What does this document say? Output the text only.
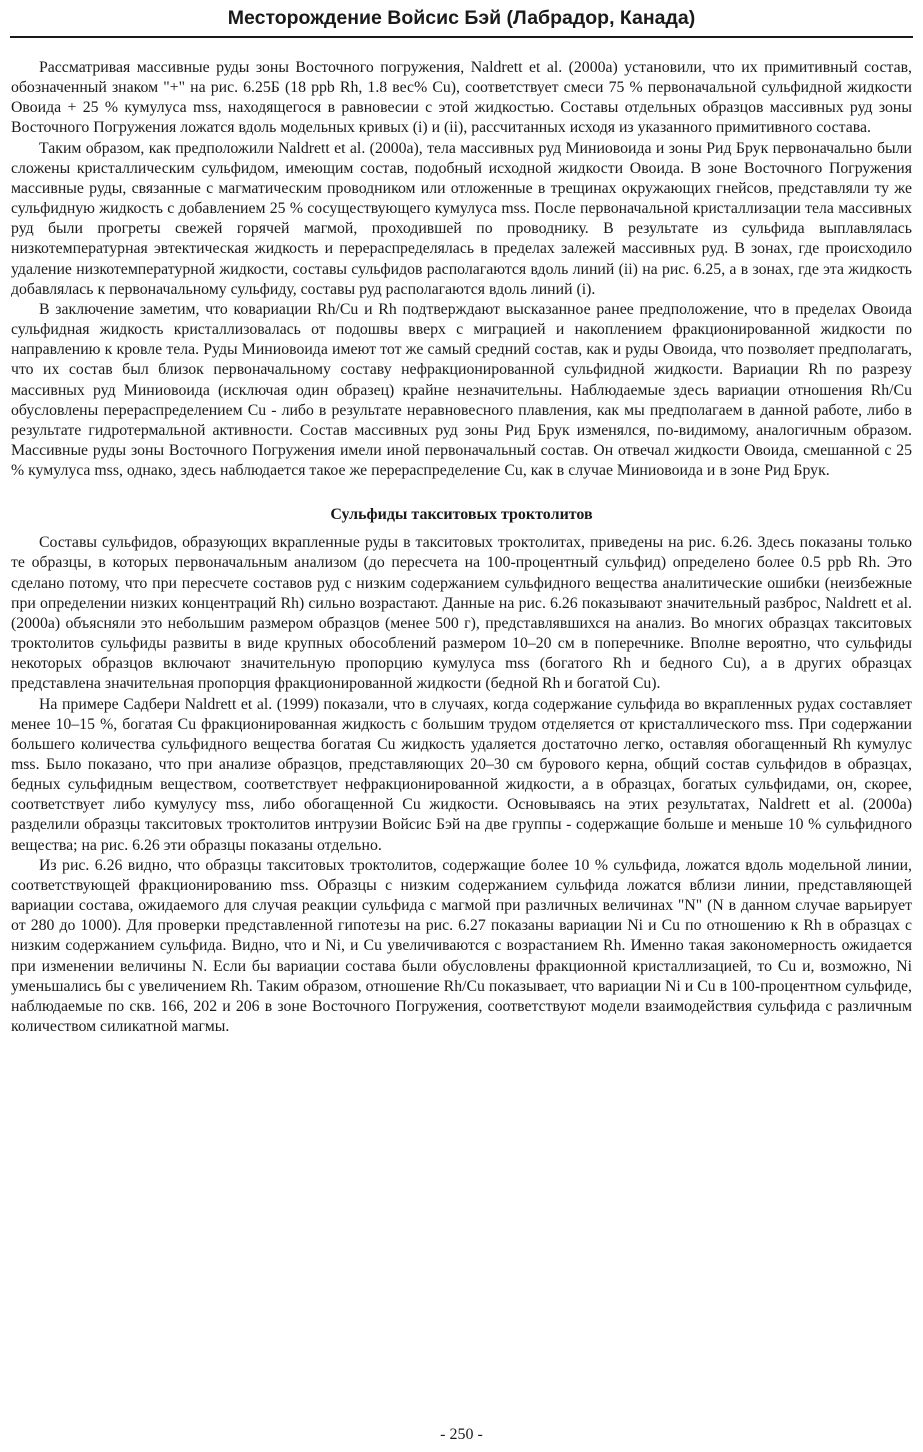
Месторождение Войсис Бэй (Лабрадор, Канада)

Рассматривая массивные руды зоны Восточного погружения, Naldrett et al. (2000а) установили, что их примитивный состав, обозначенный знаком "+" на рис. 6.25Б (18 ppb Rh, 1.8 вес% Cu), соответствует смеси 75 % первоначальной сульфидной жидкости Овоида + 25 % кумулуса mss, находящегося в равновесии с этой жидкостью. Составы отдельных образцов массивных руд зоны Восточного Погружения ложатся вдоль модельных кривых (i) и (ii), рассчитанных исходя из указанного примитивного состава.

Таким образом, как предположили Naldrett et al. (2000а), тела массивных руд Миниовоида и зоны Рид Брук первоначально были сложены кристаллическим сульфидом, имеющим состав, подобный исходной жидкости Овоида. В зоне Восточного Погружения массивные руды, связанные с магматическим проводником или отложенные в трещинах окружающих гнейсов, представляли ту же сульфидную жидкость с добавлением 25 % сосуществующего кумулуса mss. После первоначальной кристаллизации тела массивных руд были прогреты свежей горячей магмой, проходившей по проводнику. В результате из сульфида выплавлялась низкотемпературная эвтектическая жидкость и перераспределялась в пределах залежей массивных руд. В зонах, где происходило удаление низкотемпературной жидкости, составы сульфидов располагаются вдоль линий (ii) на рис. 6.25, а в зонах, где эта жидкость добавлялась к первоначальному сульфиду, составы руд располагаются вдоль линий (i).

В заключение заметим, что ковариации Rh/Cu и Rh подтверждают высказанное ранее предположение, что в пределах Овоида сульфидная жидкость кристаллизовалась от подошвы вверх с миграцией и накоплением фракционированной жидкости по направлению к кровле тела. Руды Миниовоида имеют тот же самый средний состав, как и руды Овоида, что позволяет предполагать, что их состав был близок первоначальному составу нефракционированной сульфидной жидкости. Вариации Rh по разрезу массивных руд Миниовоида (исключая один образец) крайне незначительны. Наблюдаемые здесь вариации отношения Rh/Cu обусловлены перераспределением Cu - либо в результате неравновесного плавления, как мы предполагаем в данной работе, либо в результате гидротермальной активности. Состав массивных руд зоны Рид Брук изменялся, по-видимому, аналогичным образом. Массивные руды зоны Восточного Погружения имели иной первоначальный состав. Он отвечал жидкости Овоида, смешанной с 25 % кумулуса mss, однако, здесь наблюдается такое же перераспределение Cu, как в случае Миниовоида и в зоне Рид Брук.

Сульфиды такситовых троктолитов

Составы сульфидов, образующих вкрапленные руды в такситовых троктолитах, приведены на рис. 6.26. Здесь показаны только те образцы, в которых первоначальным анализом (до пересчета на 100-процентный сульфид) определено более 0.5 ppb Rh. Это сделано потому, что при пересчете составов руд с низким содержанием сульфидного вещества аналитические ошибки (неизбежные при определении низких концентраций Rh) сильно возрастают. Данные на рис. 6.26 показывают значительный разброс, Naldrett et al. (2000а) объясняли это небольшим размером образцов (менее 500 г), представлявшихся на анализ. Во многих образцах такситовых троктолитов сульфиды развиты в виде крупных обособлений размером 10–20 см в поперечнике. Вполне вероятно, что сульфиды некоторых образцов включают значительную пропорцию кумулуса mss (богатого Rh и бедного Cu), а в других образцах представлена значительная пропорция фракционированной жидкости (бедной Rh и богатой Cu).

На примере Садбери Naldrett et al. (1999) показали, что в случаях, когда содержание сульфида во вкрапленных рудах составляет менее 10–15 %, богатая Cu фракционированная жидкость с большим трудом отделяется от кристаллического mss. При содержании большего количества сульфидного вещества богатая Cu жидкость удаляется достаточно легко, оставляя обогащенный Rh кумулус mss. Было показано, что при анализе образцов, представляющих 20–30 см бурового керна, общий состав сульфидов в образцах, бедных сульфидным веществом, соответствует нефракционированной жидкости, а в образцах, богатых сульфидами, он, скорее, соответствует либо кумулусу mss, либо обогащенной Cu жидкости. Основываясь на этих результатах, Naldrett et al. (2000а) разделили образцы такситовых троктолитов интрузии Войсис Бэй на две группы - содержащие больше и меньше 10 % сульфидного вещества; на рис. 6.26 эти образцы показаны отдельно.

Из рис. 6.26 видно, что образцы такситовых троктолитов, содержащие более 10 % сульфида, ложатся вдоль модельной линии, соответствующей фракционированию mss. Образцы с низким содержанием сульфида ложатся вблизи линии, представляющей вариации состава, ожидаемого для случая реакции сульфида с магмой при различных величинах "N" (N в данном случае варьирует от 280 до 1000). Для проверки представленной гипотезы на рис. 6.27 показаны вариации Ni и Cu по отношению к Rh в образцах с низким содержанием сульфида. Видно, что и Ni, и Cu увеличиваются с возрастанием Rh. Именно такая закономерность ожидается при изменении величины N. Если бы вариации состава были обусловлены фракционной кристаллизацией, то Cu и, возможно, Ni уменьшались бы с увеличением Rh. Таким образом, отношение Rh/Cu показывает, что вариации Ni и Cu в 100-процентном сульфиде, наблюдаемые по скв. 166, 202 и 206 в зоне Восточного Погружения, соответствуют модели взаимодействия сульфида с различным количеством силикатной магмы.

- 250 -
